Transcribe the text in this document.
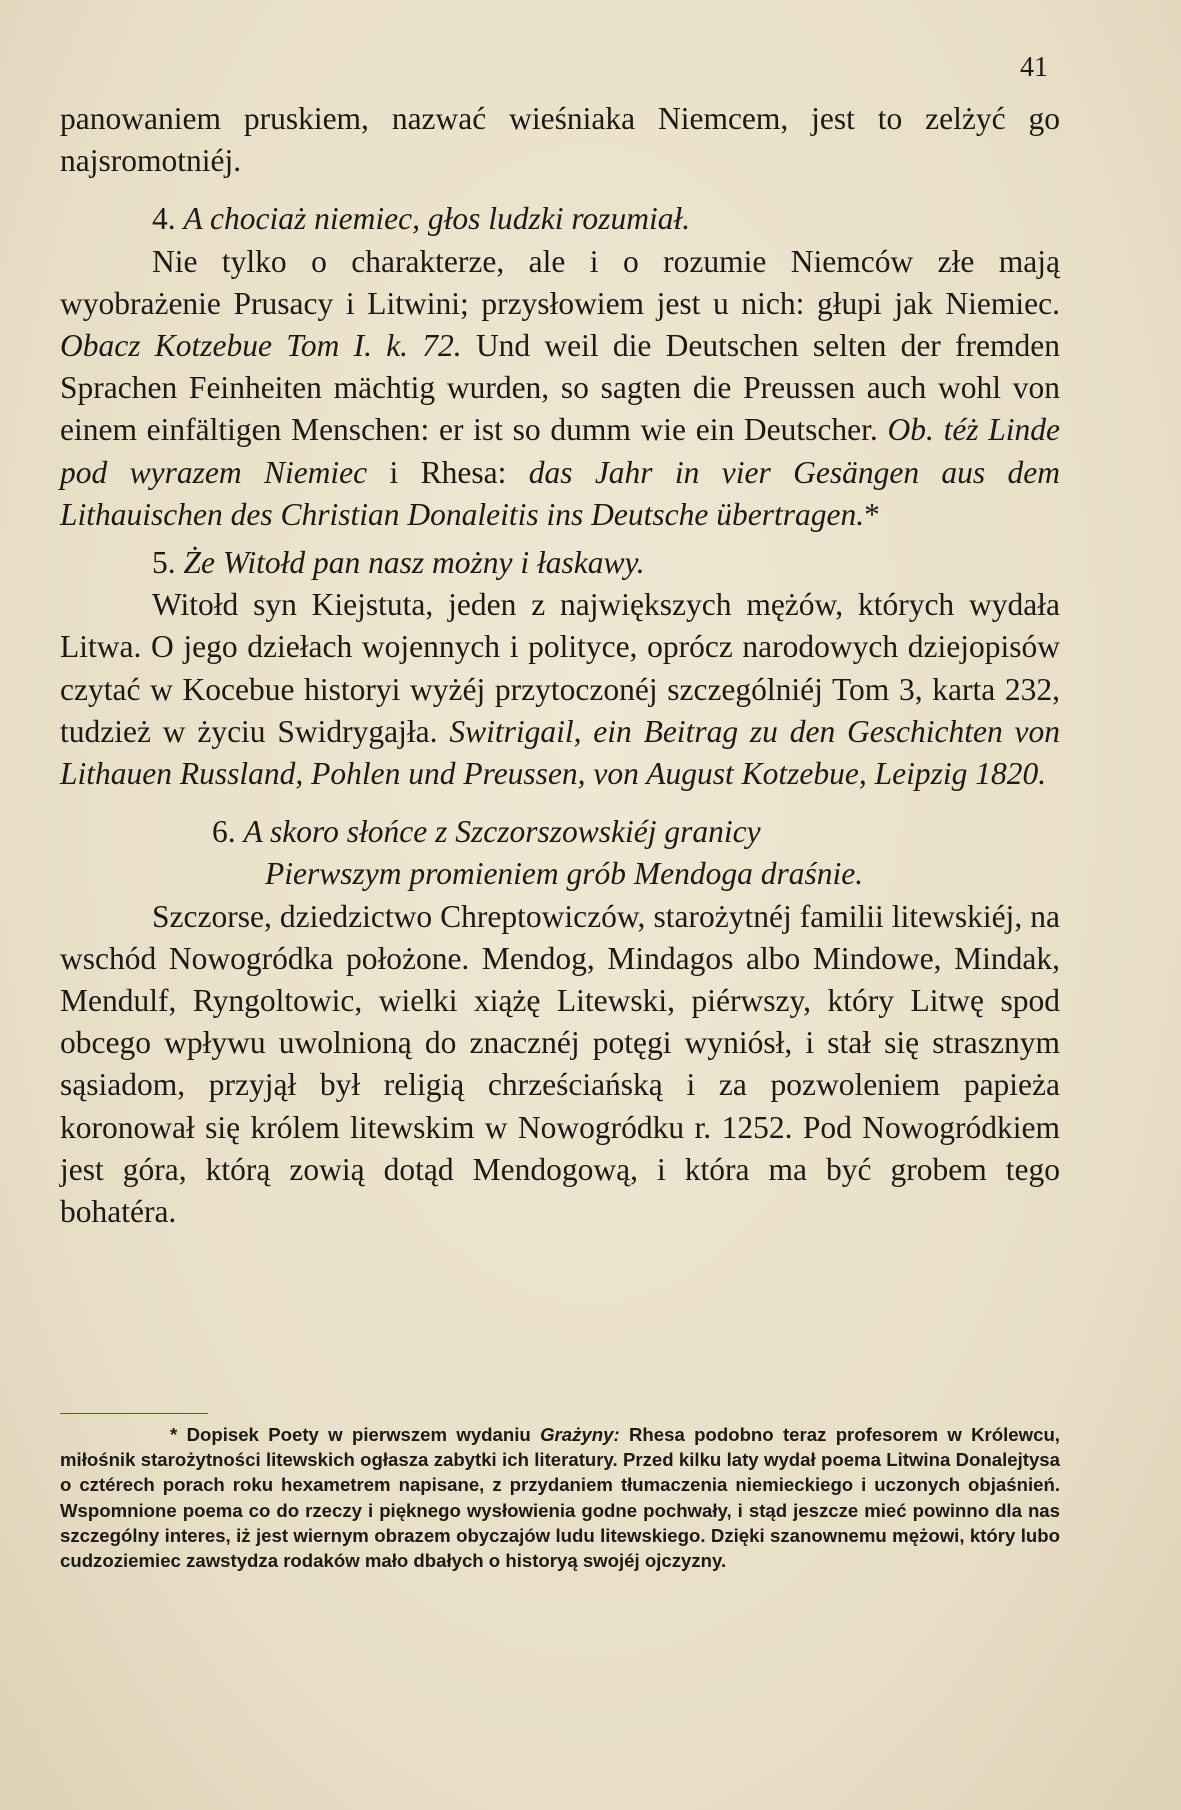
41

panowaniem pruskiem, nazwać wieśniaka Niemcem, jest to zelżyć go najsromotniéj.

4. A chociaż niemiec, głos ludzki rozumiał.

Nie tylko o charakterze, ale i o rozumie Niemców złe mają wyobrażenie Prusacy i Litwini; przysłowiem jest u nich: głupi jak Niemiec. Obacz Kotzebue Tom I. k. 72. Und weil die Deutschen selten der fremden Sprachen Feinheiten mächtig wurden, so sagten die Preussen auch wohl von einem einfältigen Menschen: er ist so dumm wie ein Deutscher. Ob. téż Linde pod wyrazem Niemiec i Rhesa: das Jahr in vier Gesängen aus dem Lithauischen des Christian Donaleitis ins Deutsche übertragen.*

5. Że Witołd pan nasz możny i łaskawy.

Witołd syn Kiejstuta, jeden z największych mężów, których wydała Litwa. O jego dziełach wojennych i polityce, oprócz narodowych dziejopisów czytać w Kocebue historyi wyżéj przytoczonéj szczególniéj Tom 3, karta 232, tudzież w życiu Swidrygajła. Switrigail, ein Beitrag zu den Geschichten von Lithauen Russland, Pohlen und Preussen, von August Kotzebue, Leipzig 1820.

6. A skoro słońce z Szczorszowskiéj granicy

Pierwszym promieniem grób Mendoga draśnie.

Szczorse, dziedzictwo Chreptowiczów, starożytnéj familii litewskiéj, na wschód Nowogródka położone. Mendog, Mindagos albo Mindowe, Mindak, Mendulf, Ryngoltowic, wielki xiążę Litewski, piérwszy, który Litwę spod obcego wpływu uwolnioną do znacznéj potęgi wyniósł, i stał się strasznym sąsiadom, przyjął był religią chrześciańską i za pozwoleniem papieża koronował się królem litewskim w Nowogródku r. 1252. Pod Nowogródkiem jest góra, którą zowią dotąd Mendogową, i która ma być grobem tego bohatéra.

* Dopisek Poety w pierwszem wydaniu Grażyny: Rhesa podobno teraz profesorem w Królewcu, miłośnik starożytności litewskich ogłasza zabytki ich literatury. Przed kilku laty wydał poema Litwina Donalejtysa o cztérech porach roku hexametrem napisane, z przydaniem tłumaczenia niemieckiego i uczonych objaśnień. Wspomnione poema co do rzeczy i pięknego wysłowienia godne pochwały, i stąd jeszcze mieć powinno dla nas szczególny interes, iż jest wiernym obrazem obyczajów ludu litewskiego. Dzięki szanownemu mężowi, który lubo cudzoziemiec zawstydza rodaków mało dbałych o historyą swojéj ojczyzny.
